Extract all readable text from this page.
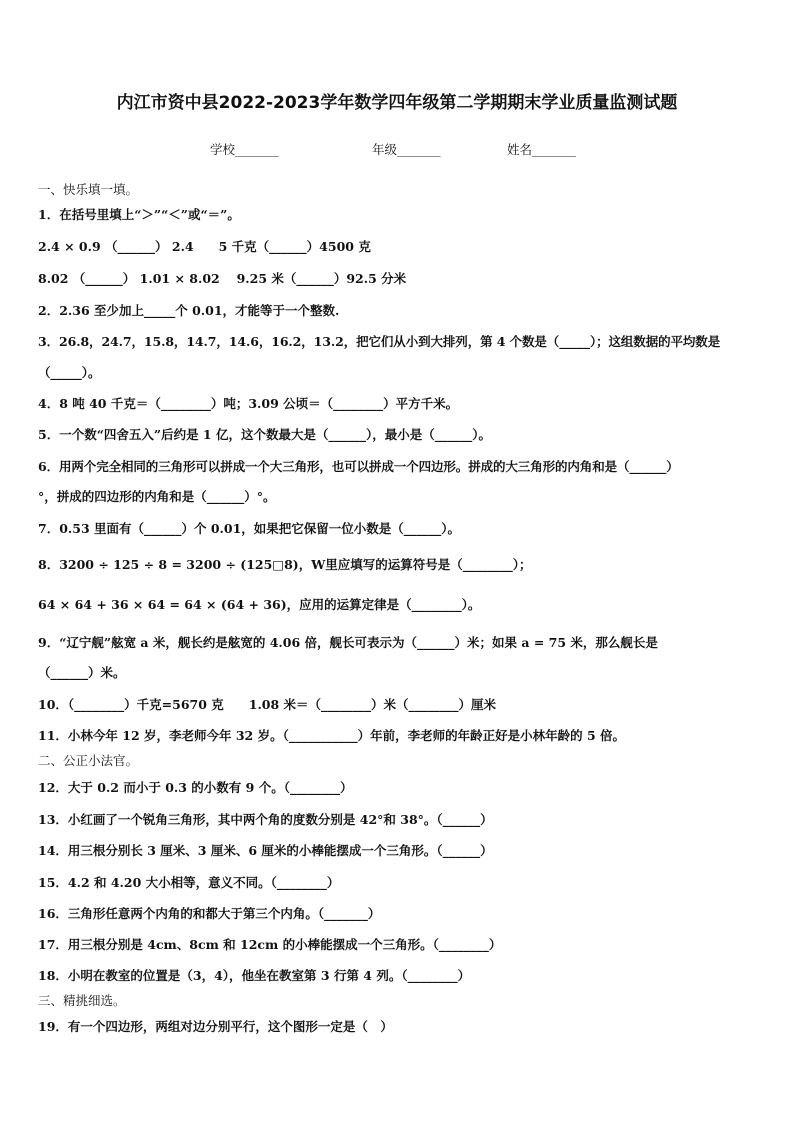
内江市资中县2022-2023学年数学四年级第二学期期末学业质量监测试题
学校_______	年级_______	姓名_______
一、快乐填一填。
1．在括号里填上“＞”“＜”或“＝”。
2.4 × 0.9 （______） 2.4　　5 千克（______）4500 克
8.02 （______） 1.01 × 8.02　 9.25 米（______）92.5 分米
2．2.36 至少加上_____个 0.01，才能等于一个整数.
3．26.8，24.7，15.8，14.7，14.6，16.2，13.2，把它们从小到大排列，第 4 个数是（_____）；这组数据的平均数是
（_____）。
4．8 吨 40 千克＝（________）吨；3.09 公顷＝（________）平方千米。
5．一个数“四舍五入”后约是 1 亿，这个数最大是（______），最小是（______）。
6．用两个完全相同的三角形可以拼成一个大三角形，也可以拼成一个四边形。拼成的大三角形的内角和是（______）
°，拼成的四边形的内角和是（______）°。
7．0.53 里面有（______）个 0.01，如果把它保留一位小数是（______）。
8．3200 ÷ 125 ÷ 8 = 3200 ÷ (125□8)，W里应填写的运算符号是（________）；
64 × 64 + 36 × 64 = 64 × (64 + 36)，应用的运算定律是（________）。
9．“辽宁舰”舷宽 a 米，舰长约是舷宽的 4.06 倍，舰长可表示为（______）米；如果 a = 75 米，那么舰长是
（______）米。
10．（________）千克=5670 克　　1.08 米＝（________）米（________）厘米
11．小林今年 12 岁，李老师今年 32 岁。（___________）年前，李老师的年龄正好是小林年龄的 5 倍。
二、公正小法官。
12．大于 0.2 而小于 0.3 的小数有 9 个。（________）
13．小红画了一个锐角三角形，其中两个角的度数分别是 42°和 38°。（______）
14．用三根分别长 3 厘米、3 厘米、6 厘米的小棒能摆成一个三角形。（______）
15．4.2 和 4.20 大小相等，意义不同。（________）
16．三角形任意两个内角的和都大于第三个内角。（_______）
17．用三根分别是 4cm、8cm 和 12cm 的小棒能摆成一个三角形。（________）
18．小明在教室的位置是（3，4），他坐在教室第 3 行第 4 列。（________）
三、精挑细选。
19．有一个四边形，两组对边分别平行，这个图形一定是（　）
